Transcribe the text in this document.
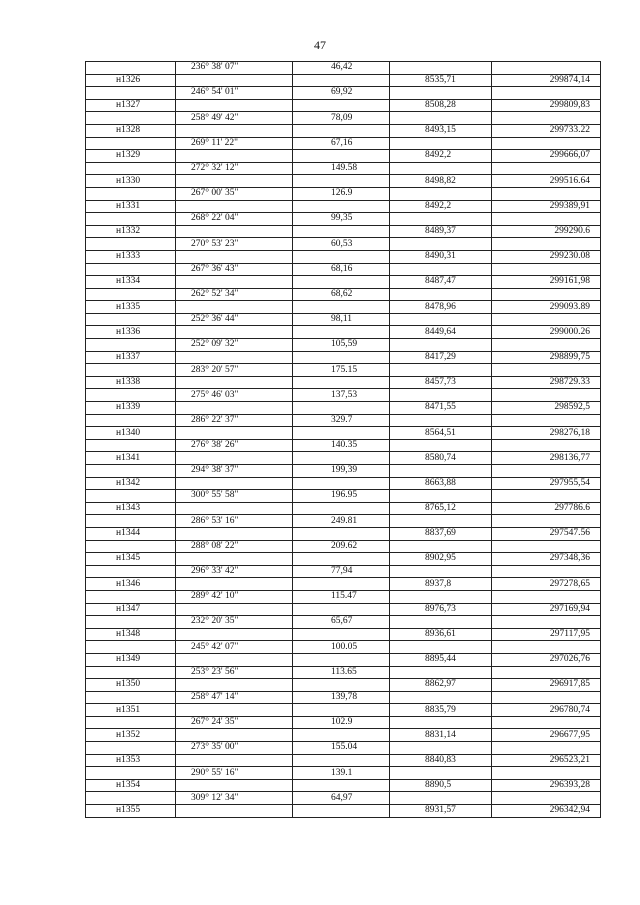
47
	236° 38' 07"	46,42		
н1326			8535,71	299874,14
	246° 54' 01"	69,92		
н1327			8508,28	299809,83
	258° 49' 42"	78,09		
н1328			8493,15	299733.22
	269° 11' 22"	67,16		
н1329			8492,2	299666,07
	272° 32' 12"	149.58		
н1330			8498,82	299516.64
	267° 00' 35"	126.9		
н1331			8492,2	299389,91
	268° 22' 04"	99,35		
н1332			8489,37	299290.6
	270° 53' 23"	60,53		
н1333			8490,31	299230.08
	267° 36' 43"	68,16		
н1334			8487,47	299161,98
	262° 52' 34"	68,62		
н1335			8478,96	299093.89
	252° 36' 44"	98,11		
н1336			8449,64	299000.26
	252° 09' 32"	105,59		
н1337			8417,29	298899,75
	283° 20' 57"	175.15		
н1338			8457,73	298729.33
	275° 46' 03"	137,53		
н1339			8471,55	298592,5
	286° 22' 37"	329.7		
н1340			8564,51	298276,18
	276° 38' 26"	140.35		
н1341			8580,74	298136,77
	294° 38' 37"	199,39		
н1342			8663,88	297955,54
	300° 55' 58"	196.95		
н1343			8765,12	297786.6
	286° 53' 16"	249.81		
н1344			8837,69	297547.56
	288° 08' 22"	209.62		
н1345			8902,95	297348,36
	296° 33' 42"	77,94		
н1346			8937,8	297278,65
	289° 42' 10"	115.47		
н1347			8976,73	297169,94
	232° 20' 35"	65,67		
н1348			8936,61	297117,95
	245° 42' 07"	100.05		
н1349			8895,44	297026,76
	253° 23' 56"	113.65		
н1350			8862,97	296917,85
	258° 47' 14"	139,78		
н1351			8835,79	296780,74
	267° 24' 35"	102.9		
н1352			8831,14	296677,95
	273° 35' 00"	155.04		
н1353			8840,83	296523,21
	290° 55' 16"	139.1		
н1354			8890,5	296393,28
	309° 12' 34"	64,97		
н1355			8931,57	296342,94
